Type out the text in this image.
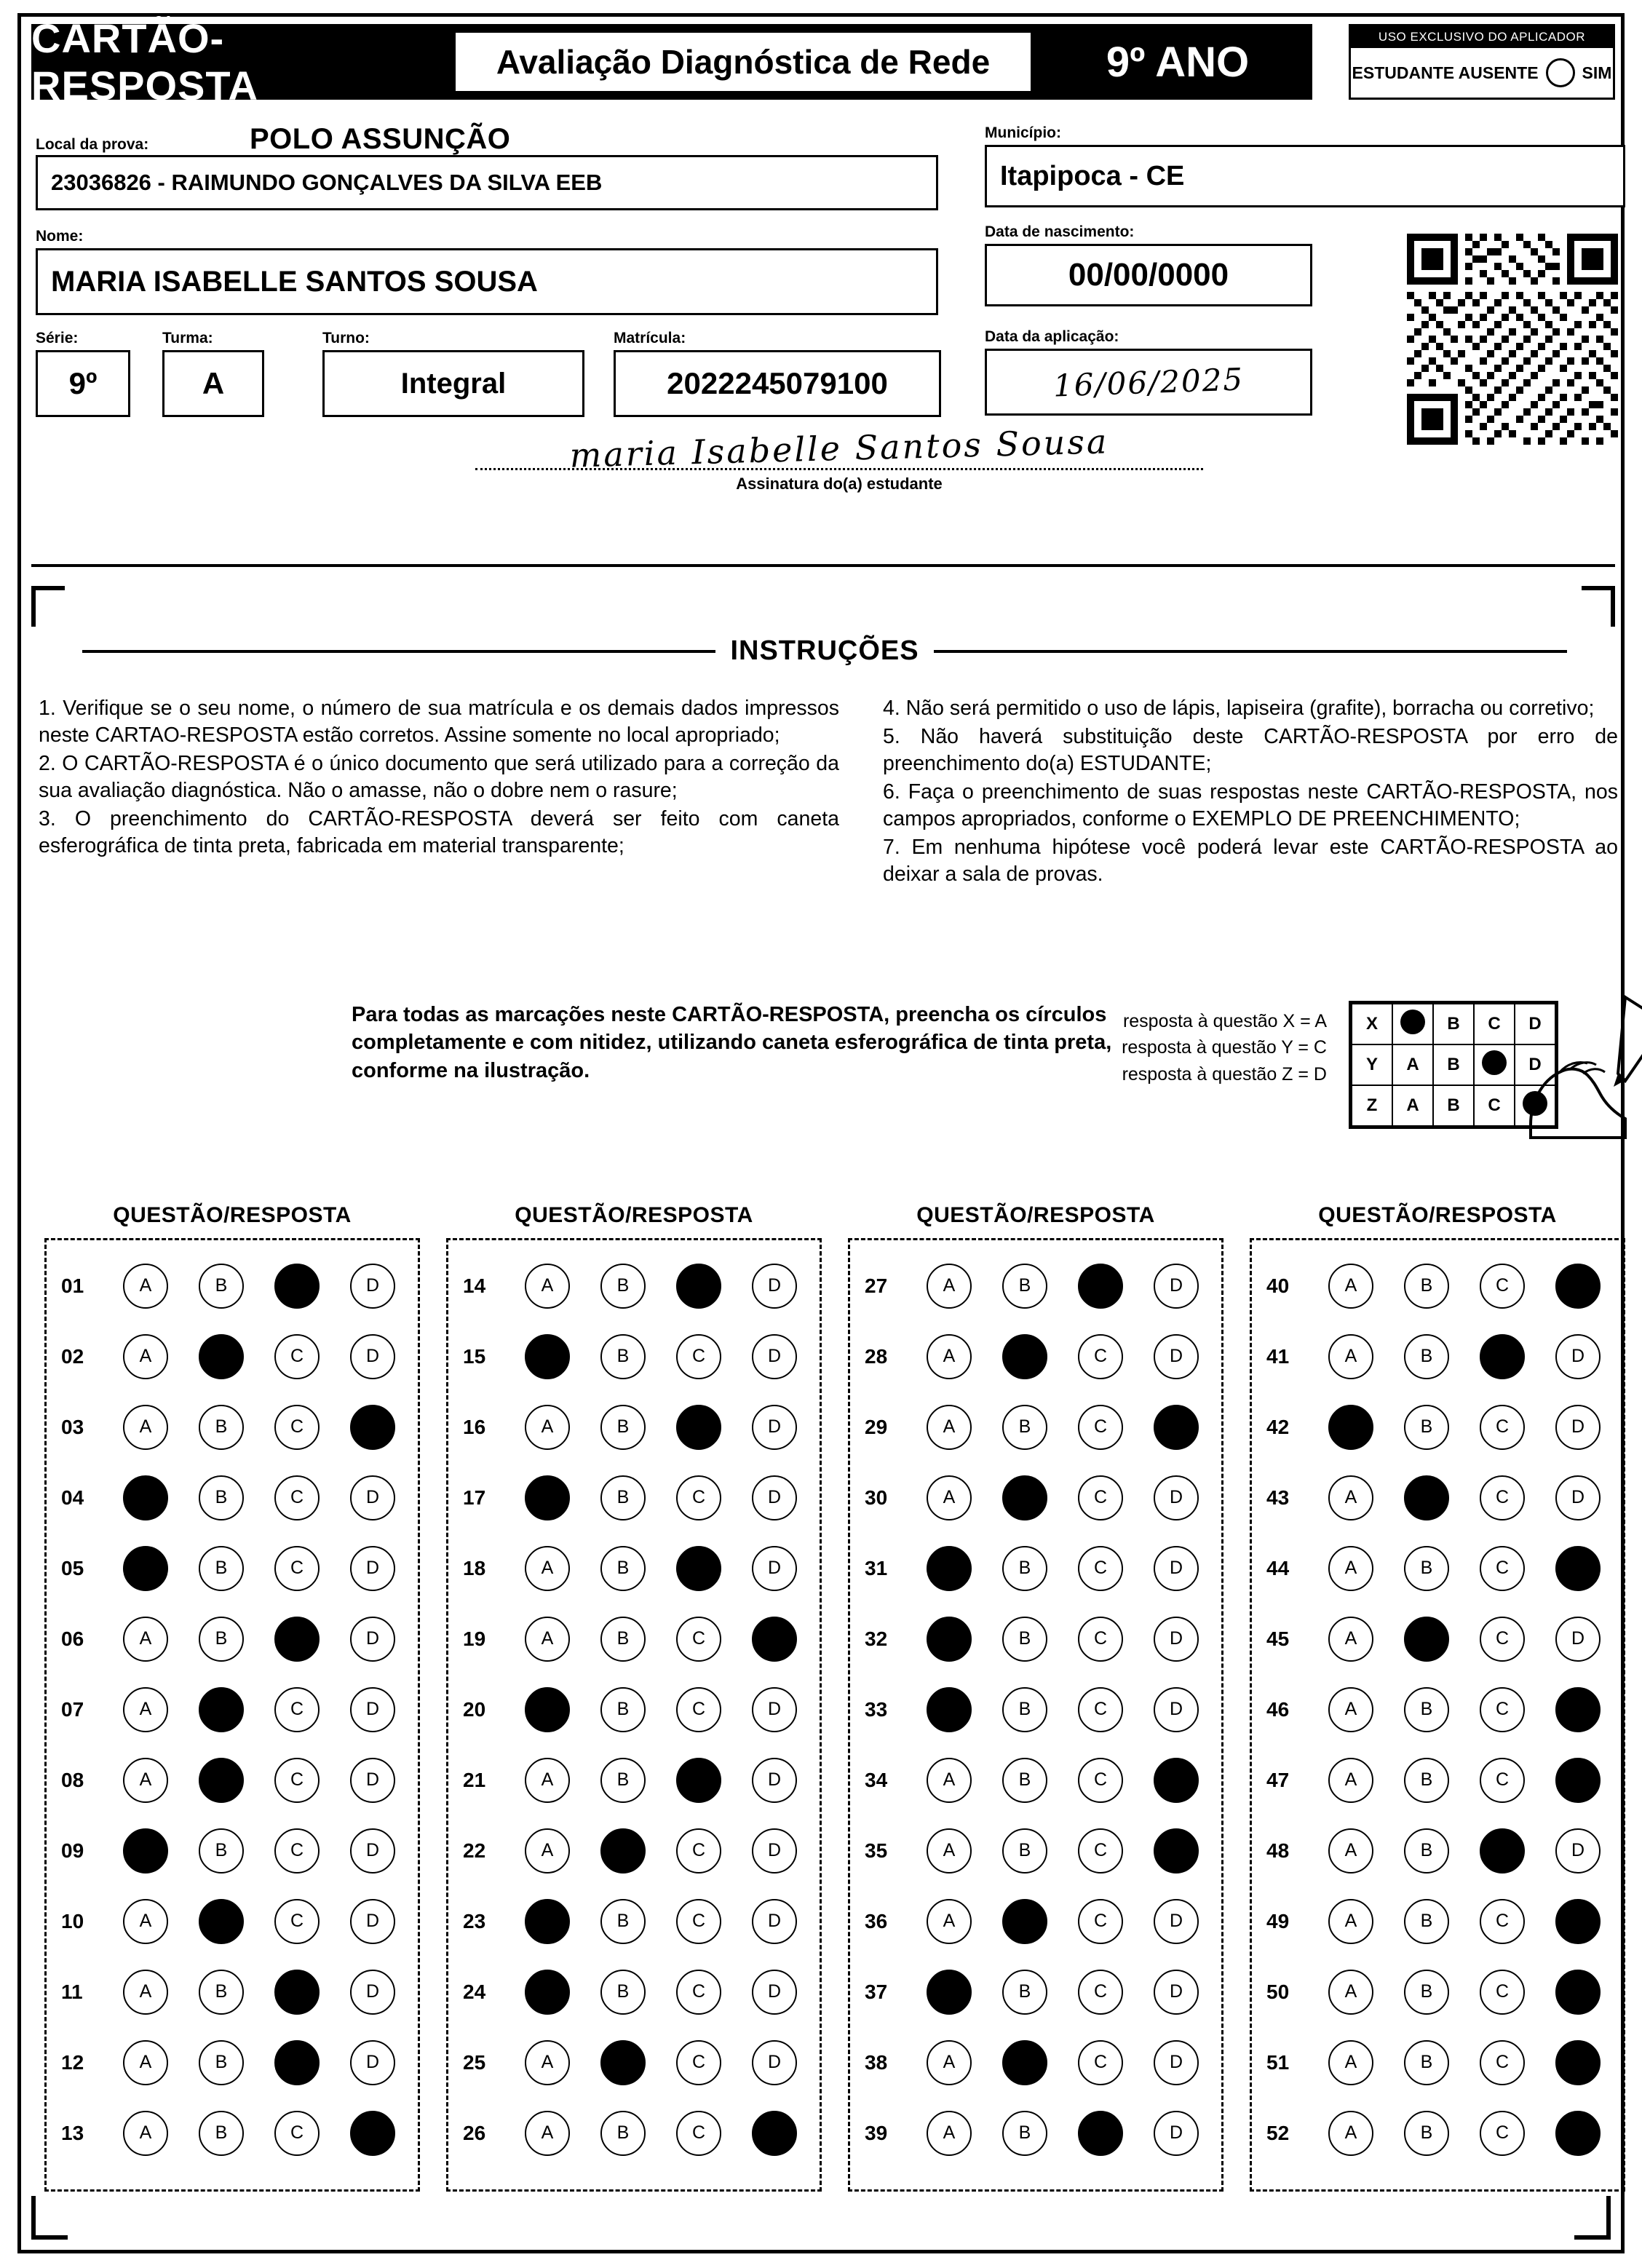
CARTÃO-RESPOSTA
Avaliação Diagnóstica de Rede	9º ANO
USO EXCLUSIVO DO APLICADOR
ESTUDANTE AUSENTE	SIM
Local da prova:	POLO ASSUNÇÃO
23036826 - RAIMUNDO GONÇALVES DA SILVA EEB
Município:
Itapipoca - CE
Nome:
MARIA ISABELLE SANTOS SOUSA
Data de nascimento:
00/00/0000
Série:
9º
Turma:
A
Turno:
Integral
Matrícula:
2022245079100
Data da aplicação:
16/06/2025
maria Isabelle Santos Sousa
Assinatura do(a) estudante
INSTRUÇÕES

1. Verifique se o seu nome, o número de sua matrícula e os demais dados impressos neste CARTAO-RESPOSTA estão corretos. Assine somente no local apropriado;

2. O CARTÃO-RESPOSTA é o único documento que será utilizado para a correção da sua avaliação diagnóstica. Não o amasse, não o dobre nem o rasure;

3. O preenchimento do CARTÃO-RESPOSTA deverá ser feito com caneta esferográfica de tinta preta, fabricada em material transparente;

4. Não será permitido o uso de lápis, lapiseira (grafite), borracha ou corretivo;

5. Não haverá substituição deste CARTÃO-RESPOSTA por erro de preenchimento do(a) ESTUDANTE;

6. Faça o preenchimento de suas respostas neste CARTÃO-RESPOSTA, nos campos apropriados, conforme o EXEMPLO DE PREENCHIMENTO;

7. Em nenhuma hipótese você poderá levar este CARTÃO-RESPOSTA ao deixar a sala de provas.

Para todas as marcações neste CARTÃO-RESPOSTA, preencha os círculos completamente e com nitidez, utilizando caneta esferográfica de tinta preta, conforme na ilustração.
resposta à questão X = A
resposta à questão Y = C
resposta à questão Z = D
X		B	C	D
Y	A	B		D
Z	A	B	C	
QUESTÃO/RESPOSTA
01	A	B	D
02	A	C	D
03	A	B	C
04	B	C	D
05	B	C	D
06	A	B	D
07	A	C	D
08	A	C	D
09	B	C	D
10	A	C	D
11	A	B	D
12	A	B	D
13	A	B	C
QUESTÃO/RESPOSTA
14	A	B	D
15	B	C	D
16	A	B	D
17	B	C	D
18	A	B	D
19	A	B	C
20	B	C	D
21	A	B	D
22	A	C	D
23	B	C	D
24	B	C	D
25	A	C	D
26	A	B	C
QUESTÃO/RESPOSTA
27	A	B	D
28	A	C	D
29	A	B	C
30	A	C	D
31	B	C	D
32	B	C	D
33	B	C	D
34	A	B	C
35	A	B	C
36	A	C	D
37	B	C	D
38	A	C	D
39	A	B	D
QUESTÃO/RESPOSTA
40	A	B	C
41	A	B	D
42	B	C	D
43	A	C	D
44	A	B	C
45	A	C	D
46	A	B	C
47	A	B	C
48	A	B	D
49	A	B	C
50	A	B	C
51	A	B	C
52	A	B	C
